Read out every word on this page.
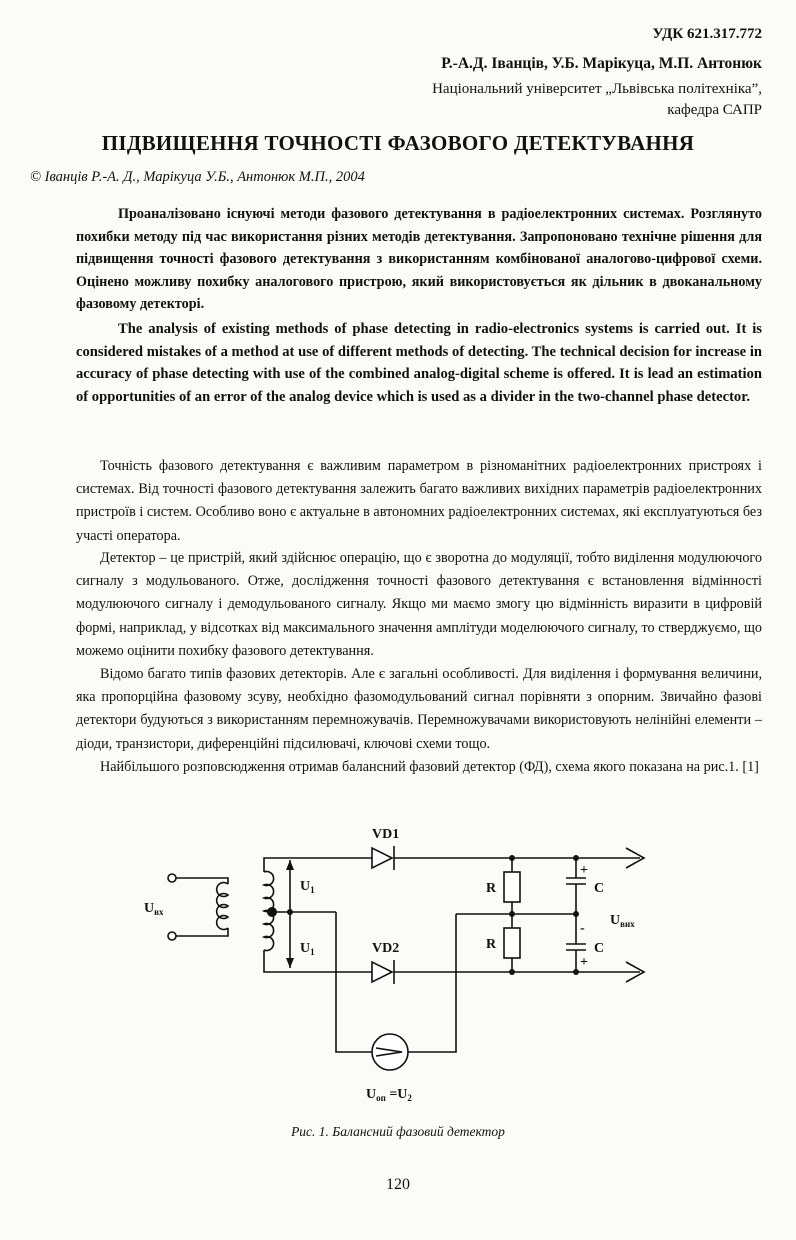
УДК 621.317.772
Р.-А.Д. Іванців, У.Б. Марікуца, М.П. Антонюк
Національний університет „Львівська політехніка”,
кафедра САПР
ПІДВИЩЕННЯ ТОЧНОСТІ ФАЗОВОГО ДЕТЕКТУВАННЯ
© Іванців Р.-А. Д., Марікуца У.Б., Антонюк М.П., 2004

Проаналізовано існуючі методи фазового детектування в радіоелектронних системах. Розглянуто похибки методу під час використання різних методів детектування. Запропоновано технічне рішення для підвищення точності фазового детектування з використанням комбінованої аналогово-цифрової схеми. Оцінено можливу похибку аналогового пристрою, який використовується як дільник в двоканальному фазовому детекторі.

The analysis of existing methods of phase detecting in radio-electronics systems is carried out. It is considered mistakes of a method at use of different methods of detecting. The technical decision for increase in accuracy of phase detecting with use of the combined analog-digital scheme is offered. It is lead an estimation of opportunities of an error of the analog device which is used as a divider in the two-channel phase detector.

Точність фазового детектування є важливим параметром в різноманітних радіоелектронних пристроях і системах. Від точності фазового детектування залежить багато важливих вихідних параметрів радіоелектронних пристроїв і систем. Особливо воно є актуальне в автономних радіоелектронних системах, які експлуатуються без участі оператора.

Детектор – це пристрій, який здійснює операцію, що є зворотна до модуляції, тобто виділення модулюючого сигналу з модульованого. Отже, дослідження точності фазового детектування є встановлення відмінності модулюючого сигналу і демодульованого сигналу. Якщо ми маємо змогу цю відмінність виразити в цифровій формі, наприклад, у відсотках від максимального значення амплітуди моделюючого сигналу, то стверджуємо, що можемо оцінити похибку фазового детектування.

Відомо багато типів фазових детекторів. Але є загальні особливості. Для виділення і формування величини, яка пропорційна фазовому зсуву, необхідно фазомодульований сигнал порівняти з опорним. Звичайно фазові детектори будуються з використанням перемножувачів. Перемножувачами використовують нелінійні елементи – діоди, транзистори, диференційні підсилювачі, ключові схеми тощо.

Найбільшого розповсюдження отримав балансний фазовий детектор (ФД), схема якого показана на рис.1. [1]

VD1
VD2
$U_{вх}$
$U_1$
$U_1$
R
R
C
C
+
-
+
$U_{вих}$
$U_{оп} =U_2$
Рис. 1. Балансний фазовий детектор
120
